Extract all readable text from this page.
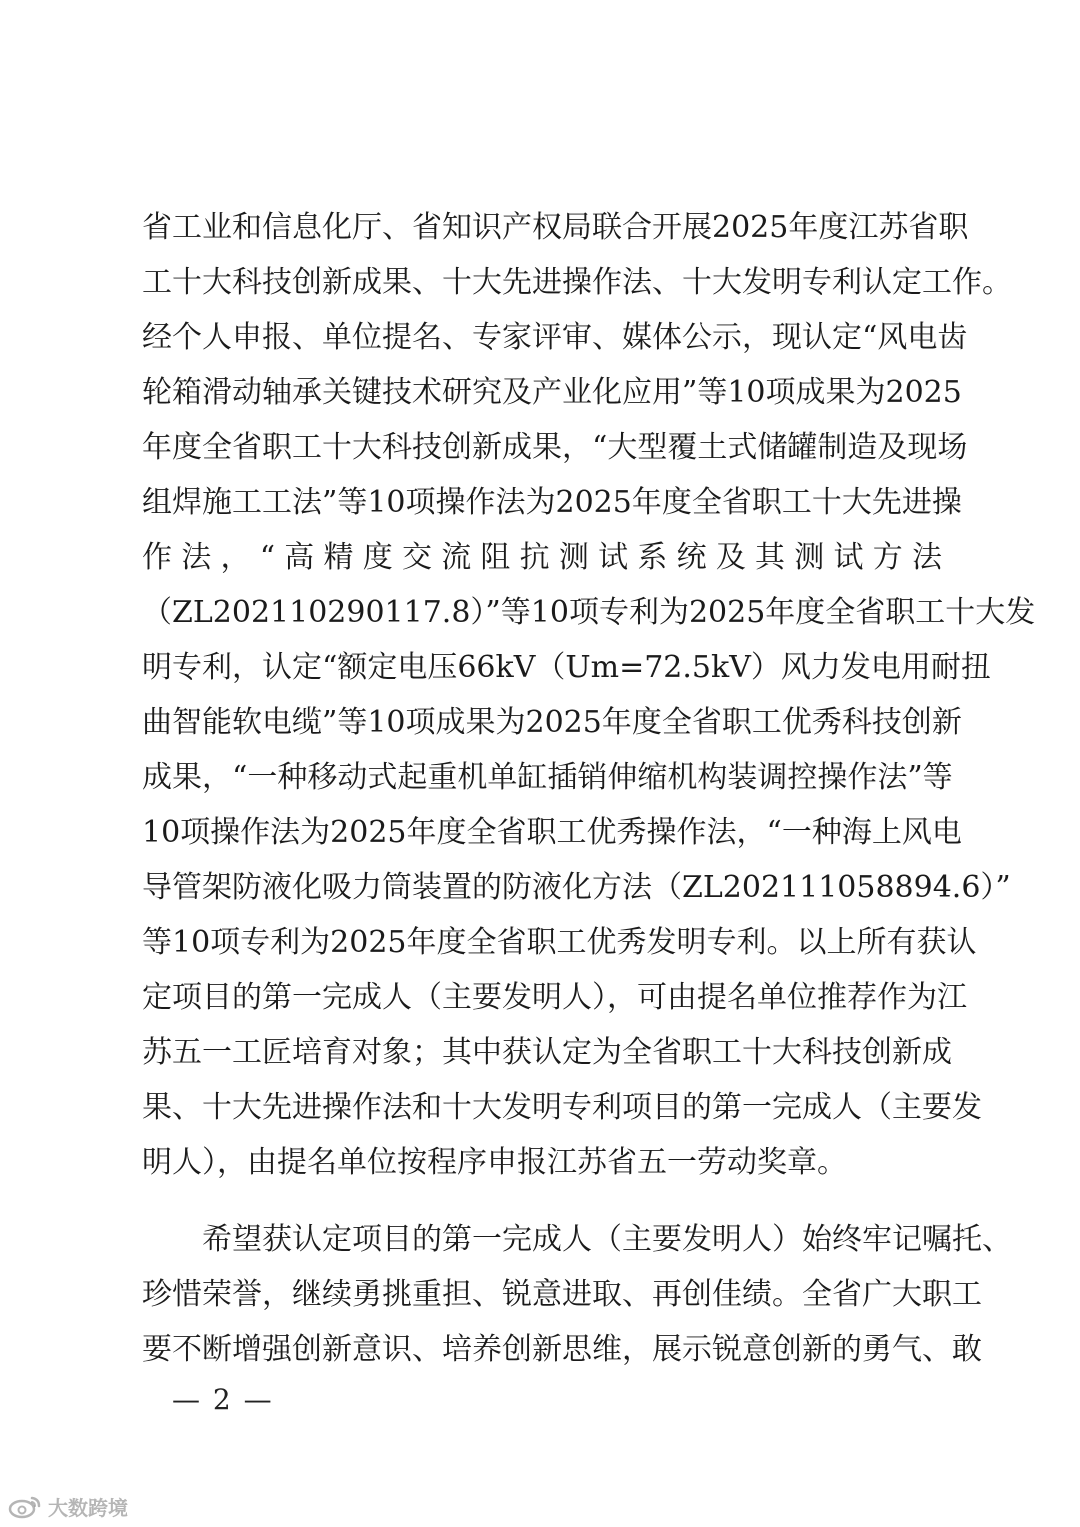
省工业和信息化厅、省知识产权局联合开展2025年度江苏省职
工十大科技创新成果、十大先进操作法、十大发明专利认定工作。
经个人申报、单位提名、专家评审、媒体公示，现认定“风电齿
轮箱滑动轴承关键技术研究及产业化应用”等10项成果为2025
年度全省职工十大科技创新成果，“大型覆土式储罐制造及现场
组焊施工工法”等10项操作法为2025年度全省职工十大先进操
作法，“高精度交流阻抗测试系统及其测试方法
（ZL202110290117.8）”等10项专利为2025年度全省职工十大发
明专利，认定“额定电压66kV（Um=72.5kV）风力发电用耐扭
曲智能软电缆”等10项成果为2025年度全省职工优秀科技创新
成果，“一种移动式起重机单缸插销伸缩机构装调控操作法”等
10项操作法为2025年度全省职工优秀操作法，“一种海上风电
导管架防液化吸力筒装置的防液化方法（ZL202111058894.6）”
等10项专利为2025年度全省职工优秀发明专利。以上所有获认
定项目的第一完成人（主要发明人），可由提名单位推荐作为江
苏五一工匠培育对象；其中获认定为全省职工十大科技创新成
果、十大先进操作法和十大发明专利项目的第一完成人（主要发
明人），由提名单位按程序申报江苏省五一劳动奖章。
希望获认定项目的第一完成人（主要发明人）始终牢记嘱托、
珍惜荣誉，继续勇挑重担、锐意进取、再创佳绩。全省广大职工
要不断增强创新意识、培养创新思维，展示锐意创新的勇气、敢
— 2 —
大数跨境
